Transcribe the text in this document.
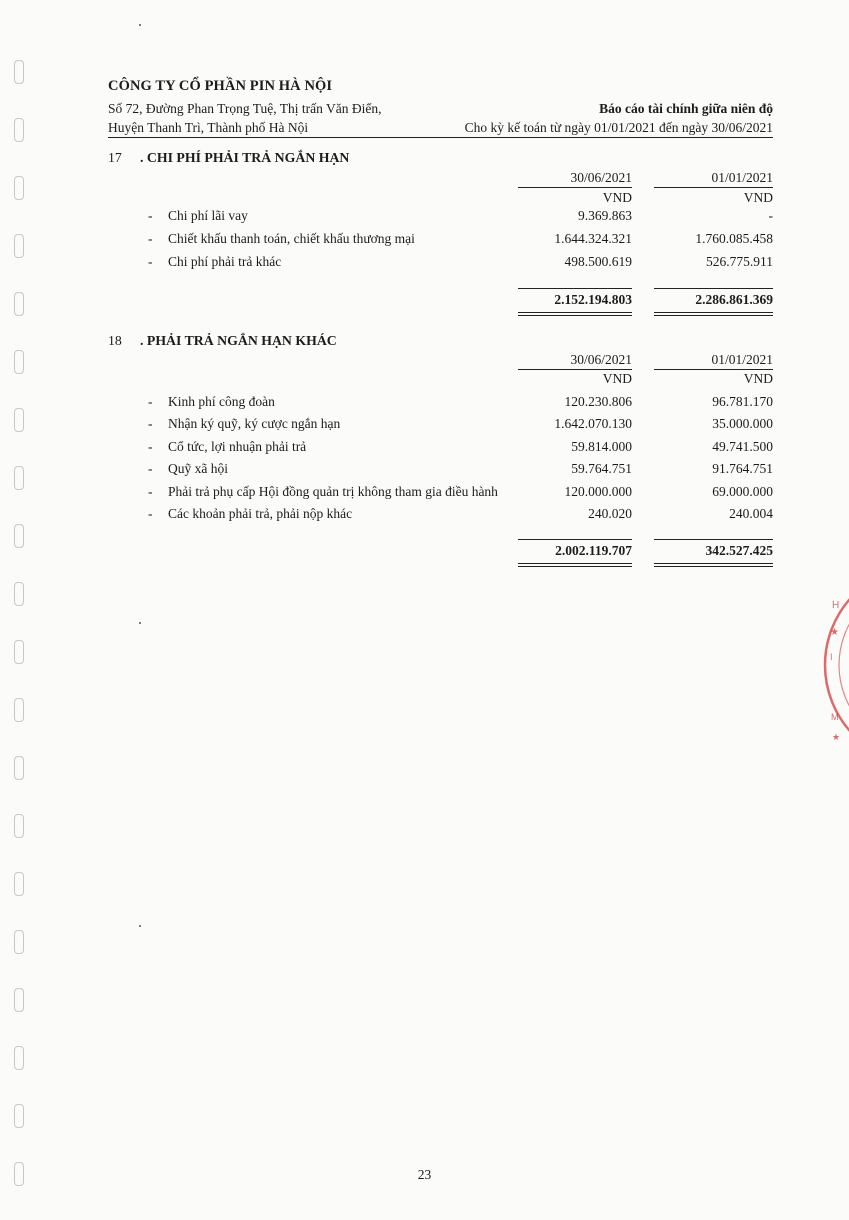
CÔNG TY CỔ PHẦN PIN HÀ NỘI
Số 72, Đường Phan Trọng Tuệ, Thị trấn Văn Điển,	Báo cáo tài chính giữa niên độ
Huyện Thanh Trì, Thành phố Hà Nội	Cho kỳ kế toán từ ngày 01/01/2021 đến ngày 30/06/2021
17	. CHI PHÍ PHẢI TRẢ NGẮN HẠN
30/06/2021	01/01/2021
VND	VND
- Chi phí lãi vay	9.369.863	-
- Chiết khấu thanh toán, chiết khấu thương mại	1.644.324.321	1.760.085.458
- Chi phí phải trả khác	498.500.619	526.775.911
2.152.194.803	2.286.861.369
18	. PHẢI TRẢ NGẮN HẠN KHÁC
30/06/2021	01/01/2021
VND	VND
- Kinh phí công đoàn	120.230.806	96.781.170
- Nhận ký quỹ, ký cược ngắn hạn	1.642.070.130	35.000.000
- Cổ tức, lợi nhuận phải trả	59.814.000	49.741.500
- Quỹ xã hội	59.764.751	91.764.751
- Phải trả phụ cấp Hội đồng quản trị không tham gia điều hành	120.000.000	69.000.000
- Các khoản phải trả, phải nộp khác	240.020	240.004
2.002.119.707	342.527.425
H
★
I
M
★
23
